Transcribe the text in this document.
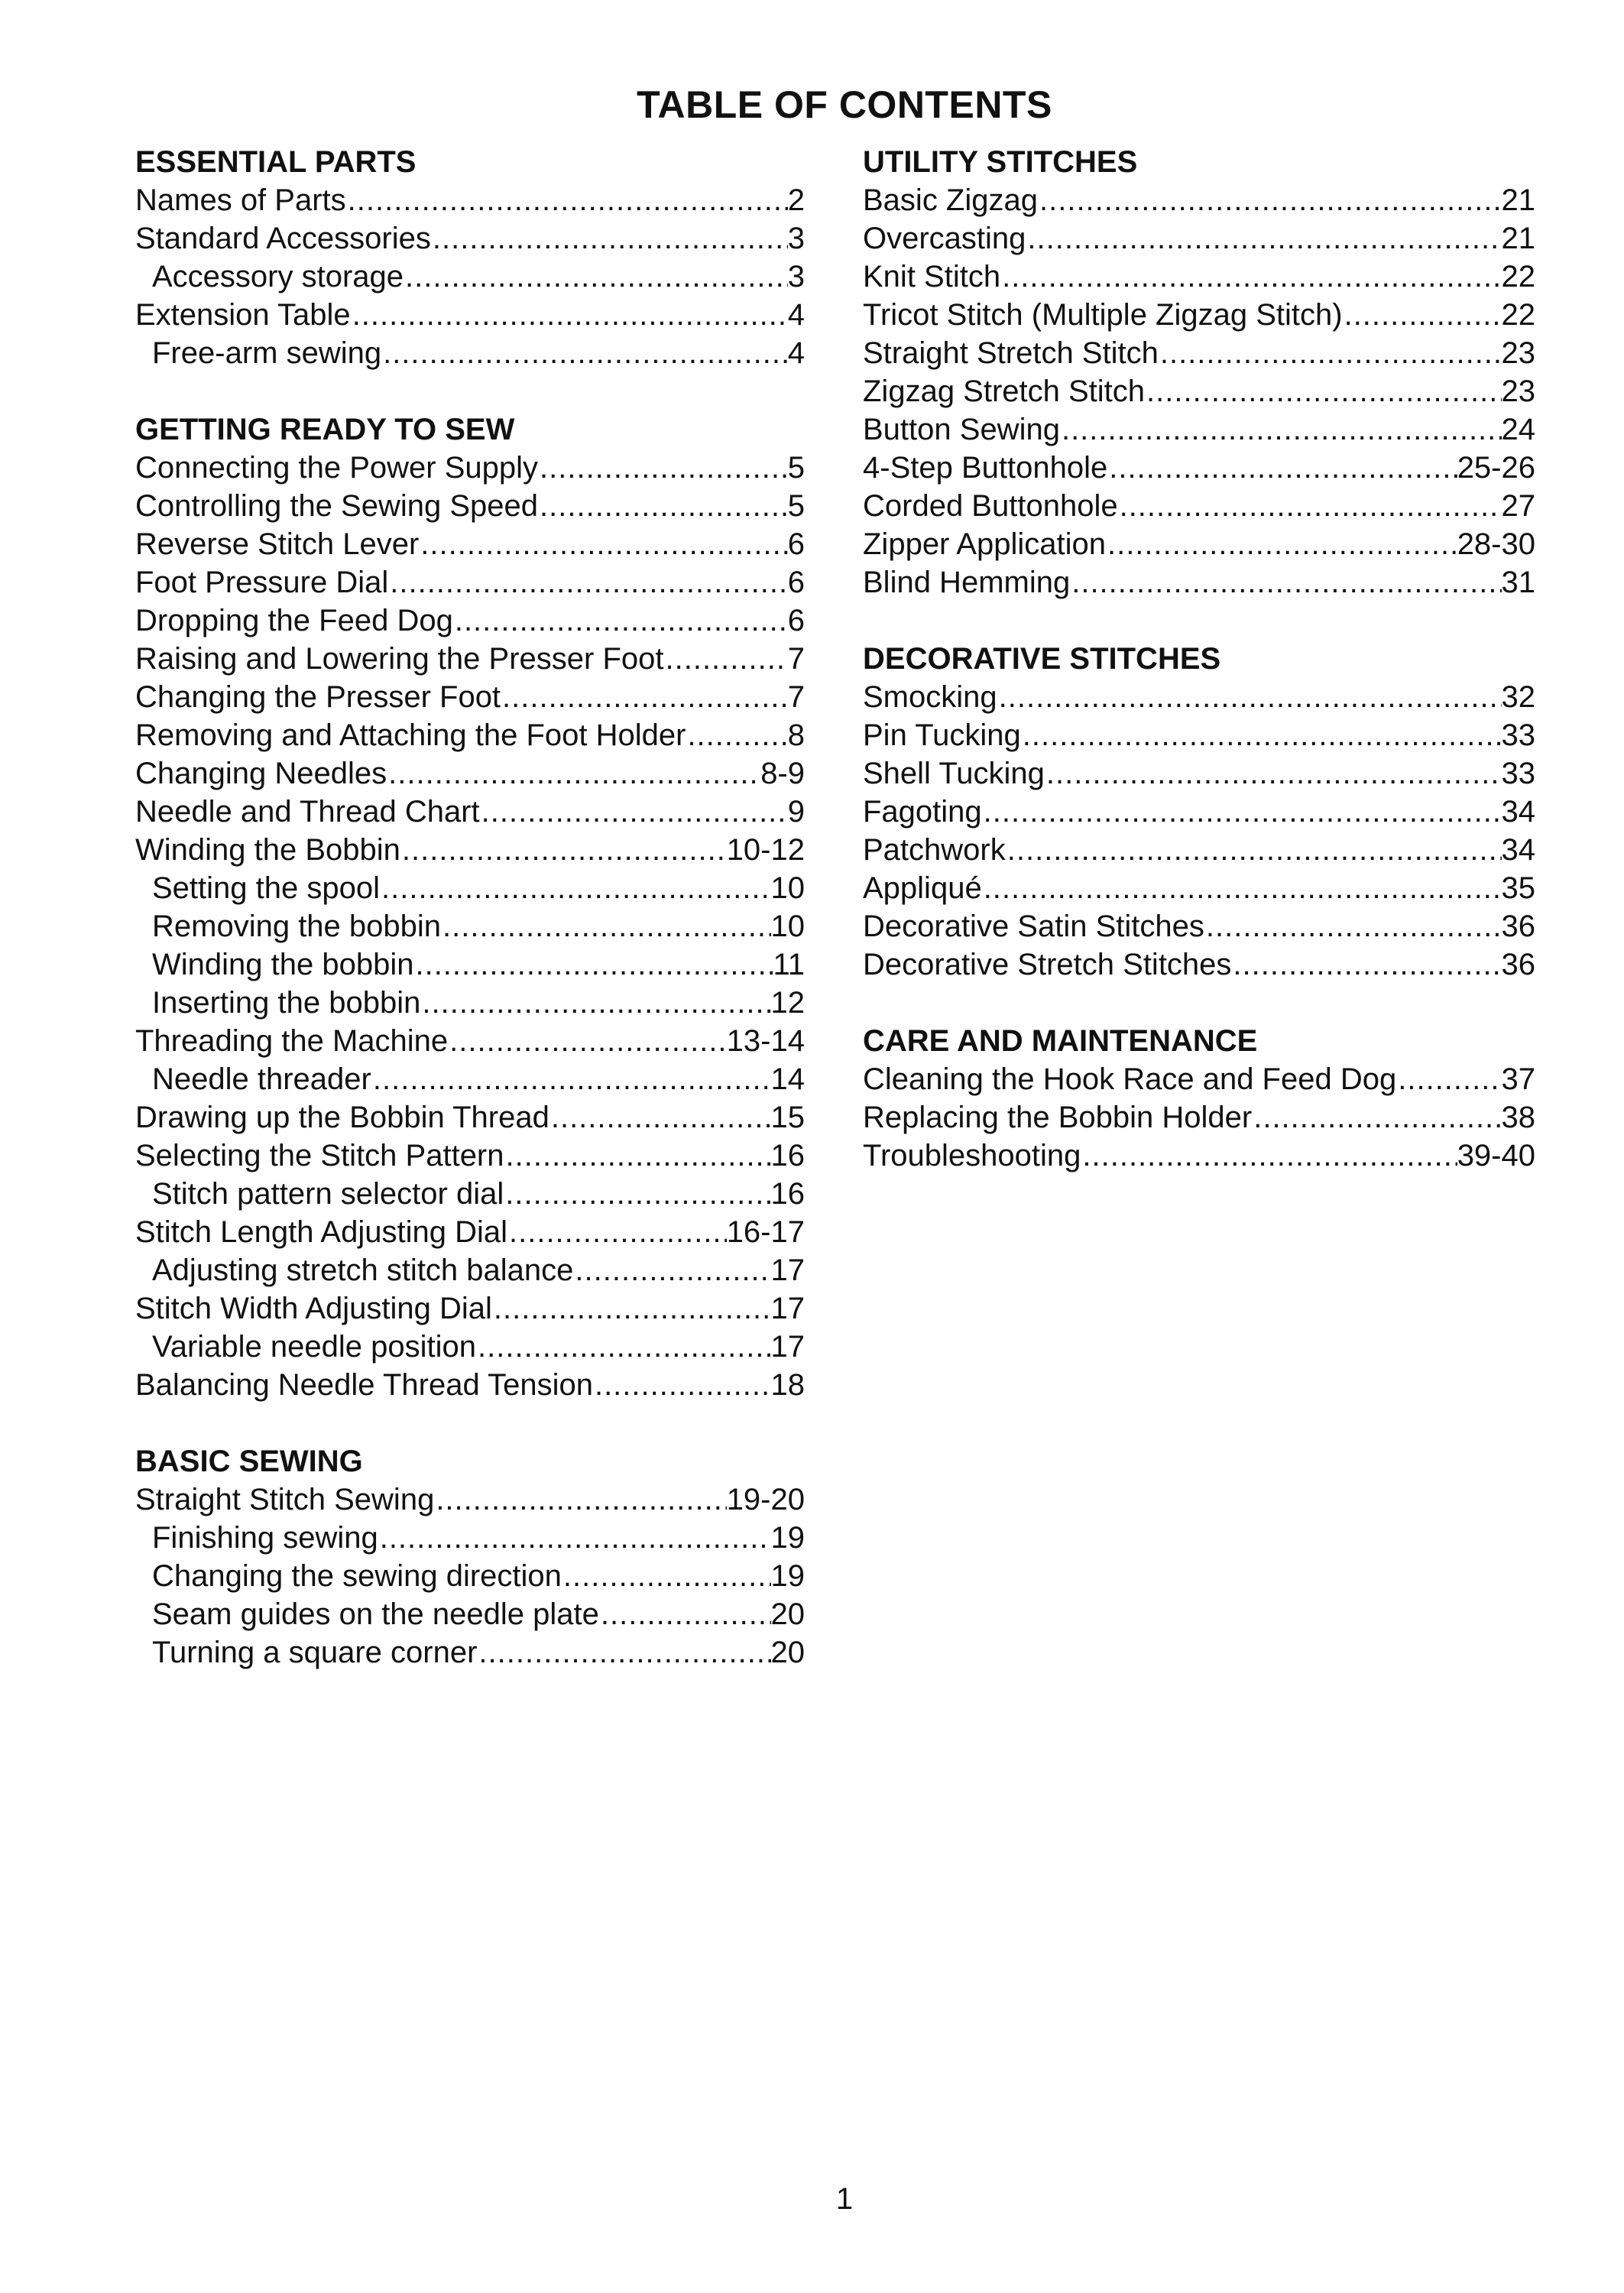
TABLE OF CONTENTS
ESSENTIAL PARTS
Names of Parts .....	2
Standard Accessories .....	3
Accessory storage .....	3
Extension Table .....	4
Free-arm sewing .....	4
GETTING READY TO SEW
Connecting the Power Supply .....	5
Controlling the Sewing Speed .....	5
Reverse Stitch Lever .....	6
Foot Pressure Dial .....	6
Dropping the Feed Dog .....	6
Raising and Lowering the Presser Foot .....	7
Changing the Presser Foot .....	7
Removing and Attaching the Foot Holder .....	8
Changing Needles .....	8-9
Needle and Thread Chart .....	9
Winding the Bobbin .....	10-12
Setting the spool .....	10
Removing the bobbin .....	10
Winding the bobbin .....	11
Inserting the bobbin .....	12
Threading the Machine .....	13-14
Needle threader .....	14
Drawing up the Bobbin Thread .....	15
Selecting the Stitch Pattern .....	16
Stitch pattern selector dial .....	16
Stitch Length Adjusting Dial .....	16-17
Adjusting stretch stitch balance .....	17
Stitch Width Adjusting Dial .....	17
Variable needle position .....	17
Balancing Needle Thread Tension .....	18
BASIC SEWING
Straight Stitch Sewing .....	19-20
Finishing sewing .....	19
Changing the sewing direction .....	19
Seam guides on the needle plate .....	20
Turning a square corner .....	20
UTILITY STITCHES
Basic Zigzag .....	21
Overcasting .....	21
Knit Stitch .....	22
Tricot Stitch (Multiple Zigzag Stitch) .....	22
Straight Stretch Stitch .....	23
Zigzag Stretch Stitch .....	23
Button Sewing .....	24
4-Step Buttonhole .....	25-26
Corded Buttonhole .....	27
Zipper Application .....	28-30
Blind Hemming .....	31
DECORATIVE STITCHES
Smocking .....	32
Pin Tucking .....	33
Shell Tucking .....	33
Fagoting .....	34
Patchwork .....	34
Appliqué .....	35
Decorative Satin Stitches .....	36
Decorative Stretch Stitches .....	36
CARE AND MAINTENANCE
Cleaning the Hook Race and Feed Dog .....	37
Replacing the Bobbin Holder .....	38
Troubleshooting .....	39-40
1
